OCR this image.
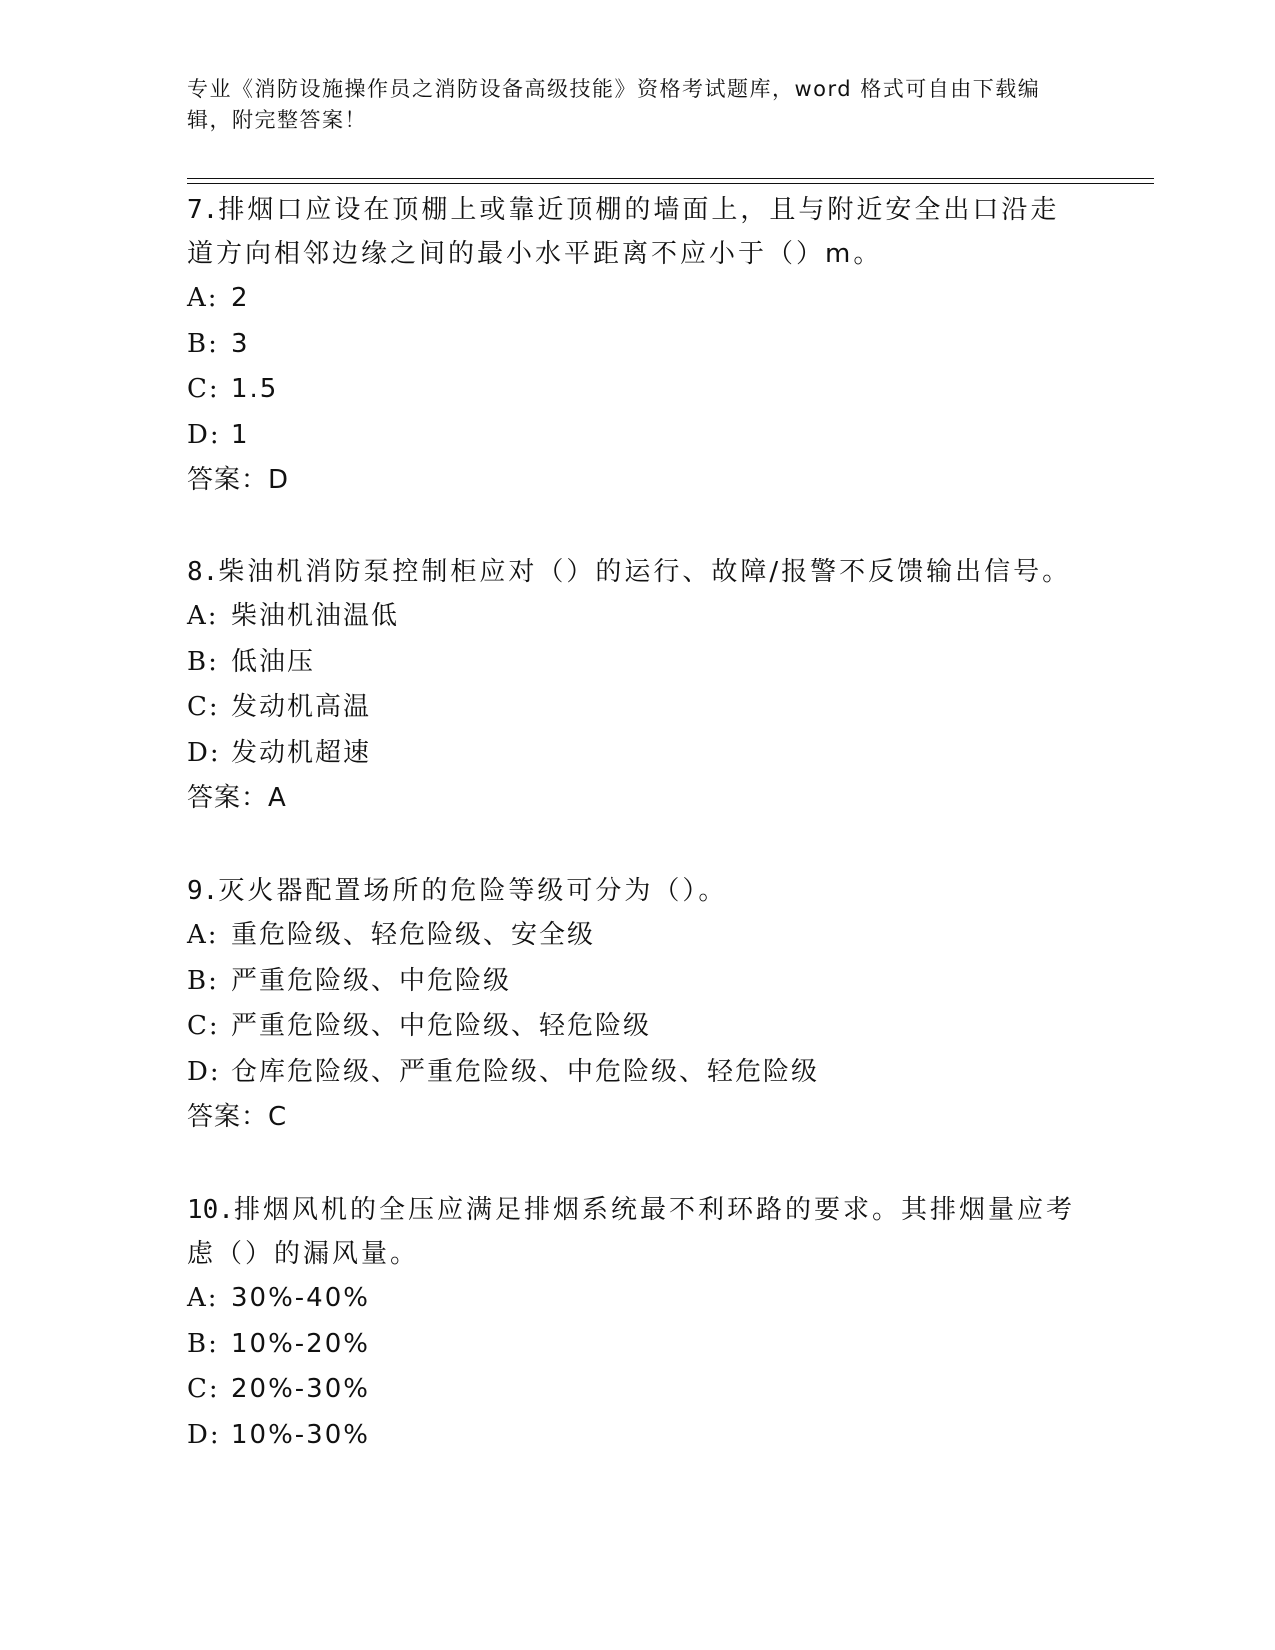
专业《消防设施操作员之消防设备高级技能》资格考试题库，word 格式可自由下载编辑，附完整答案！
7.排烟口应设在顶棚上或靠近顶棚的墙面上，且与附近安全出口沿走
道方向相邻边缘之间的最小水平距离不应小于（）m。
A: 2
B: 3
C: 1.5
D: 1
答案：D
8.柴油机消防泵控制柜应对（）的运行、故障/报警不反馈输出信号。
A: 柴油机油温低
B: 低油压
C: 发动机高温
D: 发动机超速
答案：A
9.灭火器配置场所的危险等级可分为（）。
A: 重危险级、轻危险级、安全级
B: 严重危险级、中危险级
C: 严重危险级、中危险级、轻危险级
D: 仓库危险级、严重危险级、中危险级、轻危险级
答案：C
10.排烟风机的全压应满足排烟系统最不利环路的要求。其排烟量应考
虑（）的漏风量。
A: 30%-40%
B: 10%-20%
C: 20%-30%
D: 10%-30%
